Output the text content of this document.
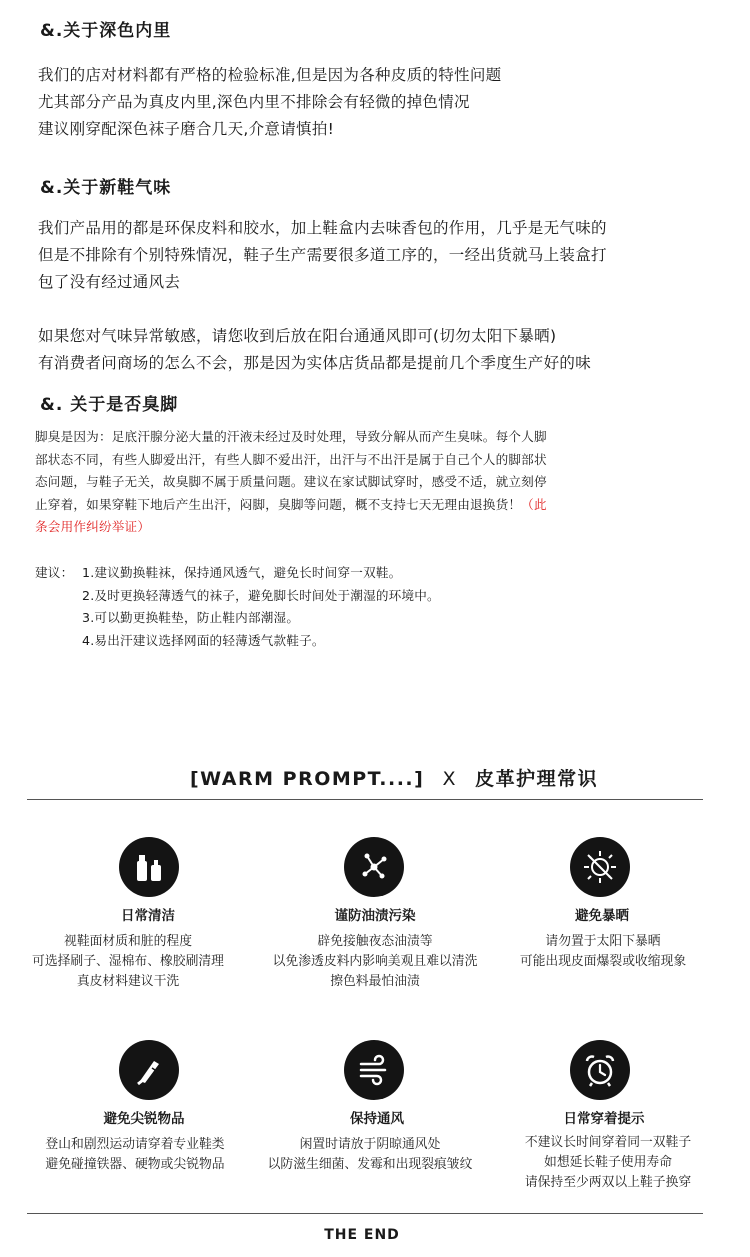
&.关于深色内里
我们的店对材料都有严格的检验标准,但是因为各种皮质的特性问题
尤其部分产品为真皮内里,深色内里不排除会有轻微的掉色情况
建议刚穿配深色袜子磨合几天,介意请慎拍!
&.关于新鞋气味
我们产品用的都是环保皮料和胶水，加上鞋盒内去味香包的作用，几乎是无气味的
但是不排除有个别特殊情况，鞋子生产需要很多道工序的，一经出货就马上装盒打
包了没有经过通风去
如果您对气味异常敏感，请您收到后放在阳台通通风即可(切勿太阳下暴晒)
有消费者问商场的怎么不会，那是因为实体店货品都是提前几个季度生产好的味
&. 关于是否臭脚
脚臭是因为：足底汗腺分泌大量的汗液未经过及时处理，导致分解从而产生臭味。每个人脚
部状态不同，有些人脚爱出汗，有些人脚不爱出汗，出汗与不出汗是属于自己个人的脚部状
态问题，与鞋子无关，故臭脚不属于质量问题。建议在家试脚试穿时，感受不适，就立刻停
止穿着，如果穿鞋下地后产生出汗，闷脚，臭脚等问题，概不支持七天无理由退换货！（此
条会用作纠纷举证）
建议： 1.建议勤换鞋袜，保持通风透气，避免长时间穿一双鞋。
2.及时更换轻薄透气的袜子，避免脚长时间处于潮湿的环境中。
3.可以勤更换鞋垫，防止鞋内部潮湿。
4.易出汗建议选择网面的轻薄透气款鞋子。
[WARM PROMPT....] X 皮革护理常识
日常清洁
视鞋面材质和脏的程度
可选择刷子、湿棉布、橡胶刷清理
真皮材料建议干洗
谨防油渍污染
辟免接触夜态油渍等
以免渗透皮料内影响美观且难以清洗
擦色料最怕油渍
避免暴晒
请勿置于太阳下暴晒
可能出现皮面爆裂或收缩现象
避免尖锐物品
登山和剧烈运动请穿着专业鞋类
避免碰撞铁器、硬物或尖锐物品
保持通风
闲置时请放于阴晾通风处
以防滋生细菌、发霉和出现裂痕皱纹
日常穿着提示
不建议长时间穿着同一双鞋子
如想延长鞋子使用寿命
请保持至少两双以上鞋子换穿
THE END
